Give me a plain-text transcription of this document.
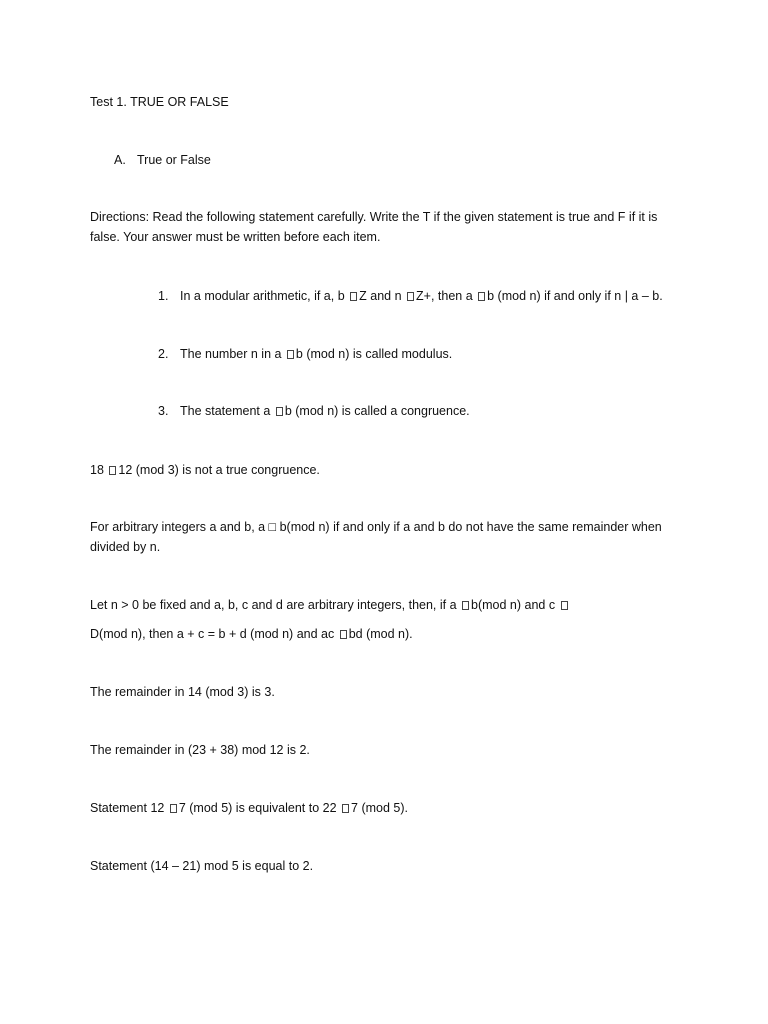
Test 1. TRUE OR FALSE
A. True or False
Directions: Read the following statement carefully. Write the T if the given statement is true and F if it is false. Your answer must be written before each item.
1. In a modular arithmetic, if a, b Z and n Z+, then a b (mod n) if and only if n | a – b.
2. The number n in a b (mod n) is called modulus.
3. The statement a b (mod n) is called a congruence.
18 12 (mod 3) is not a true congruence.
For arbitrary integers a and b, a □ b(mod n) if and only if a and b do not have the same remainder when divided by n.
Let n > 0 be fixed and a, b, c and d are arbitrary integers, then, if a b(mod n) and c
D(mod n), then a + c = b + d (mod n) and ac bd (mod n).
The remainder in 14 (mod 3) is 3.
The remainder in (23 + 38) mod 12 is 2.
Statement 12 7 (mod 5) is equivalent to 22 7 (mod 5).
Statement (14 – 21) mod 5 is equal to 2.
